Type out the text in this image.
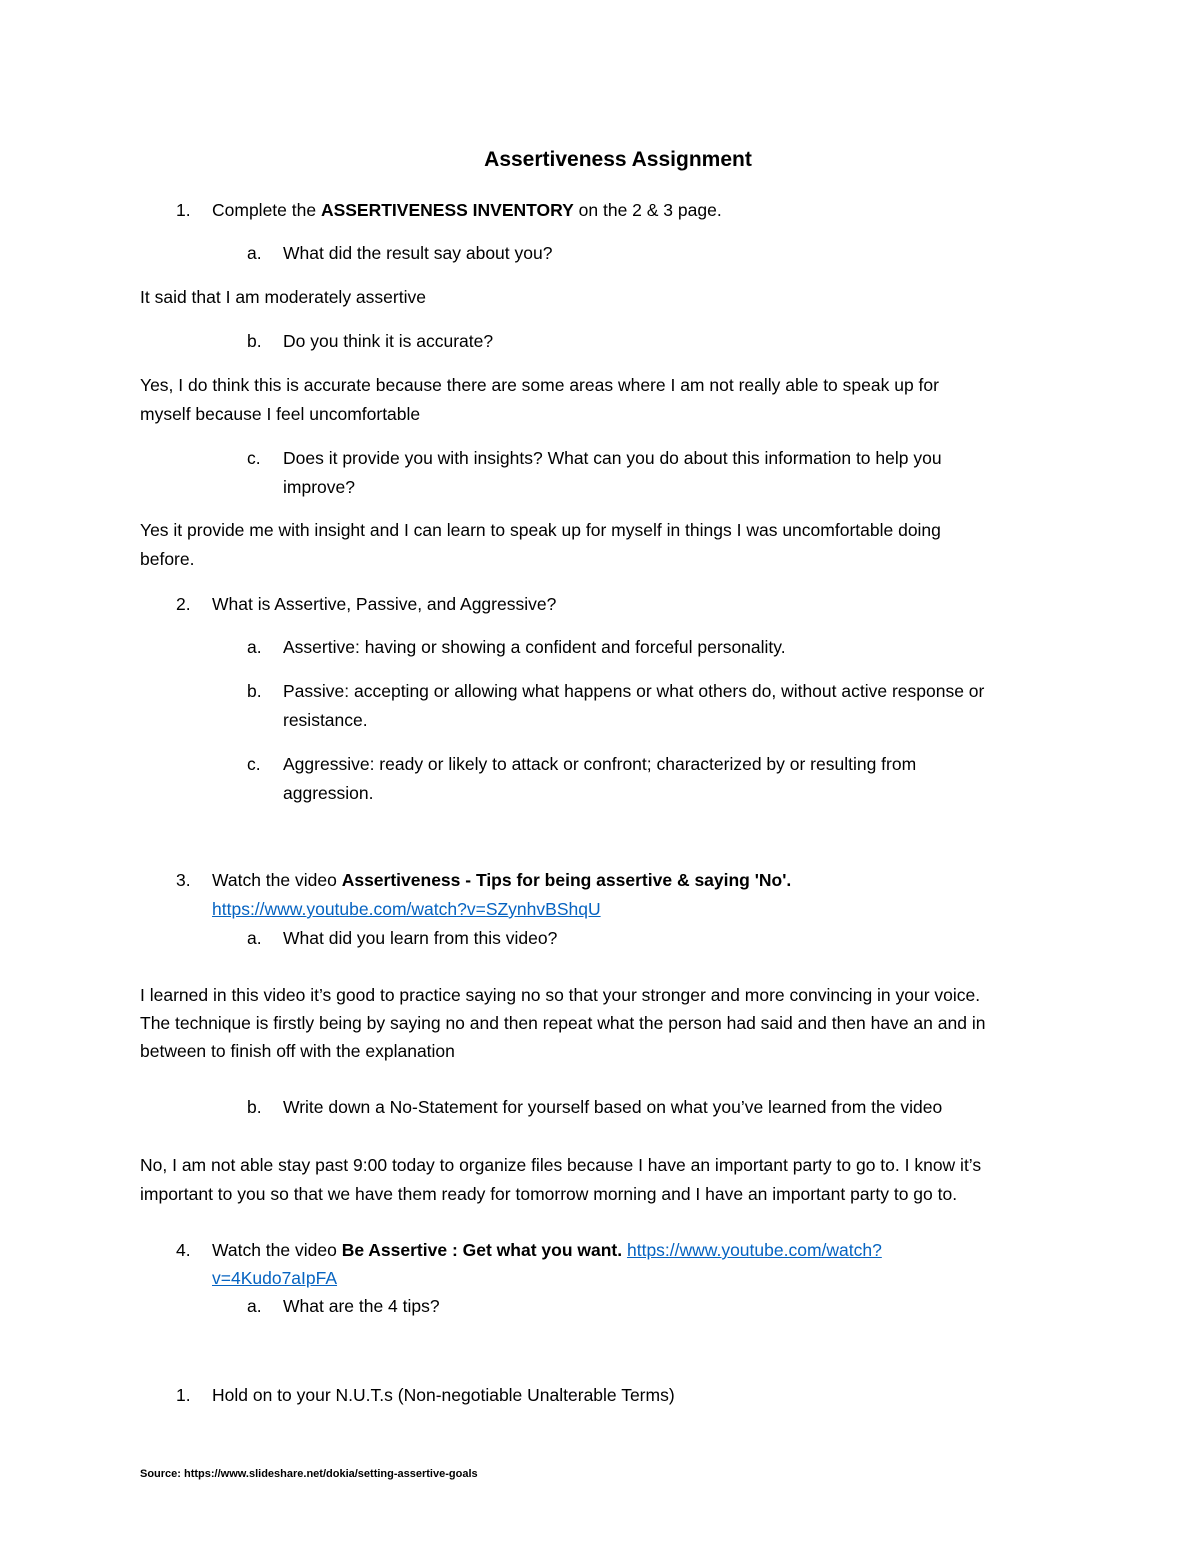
Assertiveness Assignment
1.	Complete the ASSERTIVENESS INVENTORY on the 2 & 3 page.
a. What did the result say about you?
It said that I am moderately assertive
b. Do you think it is accurate?
Yes, I do think this is accurate because there are some areas where I am not really able to speak up for
myself because I feel uncomfortable
c. Does it provide you with insights? What can you do about this information to help you
improve?
Yes it provide me with insight and I can learn to speak up for myself in things I was uncomfortable doing
before.
2.	What is Assertive, Passive, and Aggressive?
a. Assertive: having or showing a confident and forceful personality.
b. Passive: accepting or allowing what happens or what others do, without active response or
resistance.
c. Aggressive: ready or likely to attack or confront; characterized by or resulting from
aggression.
3.	Watch the video Assertiveness - Tips for being assertive & saying 'No'.
https://www.youtube.com/watch?v=SZynhvBShqU
a. What did you learn from this video?
I learned in this video it’s good to practice saying no so that your stronger and more convincing in your voice.
The technique is firstly being by saying no and then repeat what the person had said and then have an and in
between to finish off with the explanation
b. Write down a No-Statement for yourself based on what you’ve learned from the video
No, I am not able stay past 9:00 today to organize files because I have an important party to go to. I know it’s
important to you so that we have them ready for tomorrow morning and I have an important party to go to.
4.	Watch the video Be Assertive : Get what you want. https://www.youtube.com/watch?
v=4Kudo7aIpFA
a. What are the 4 tips?
1.	Hold on to your N.U.T.s (Non-negotiable Unalterable Terms)
Source: https://www.slideshare.net/dokia/setting-assertive-goals
